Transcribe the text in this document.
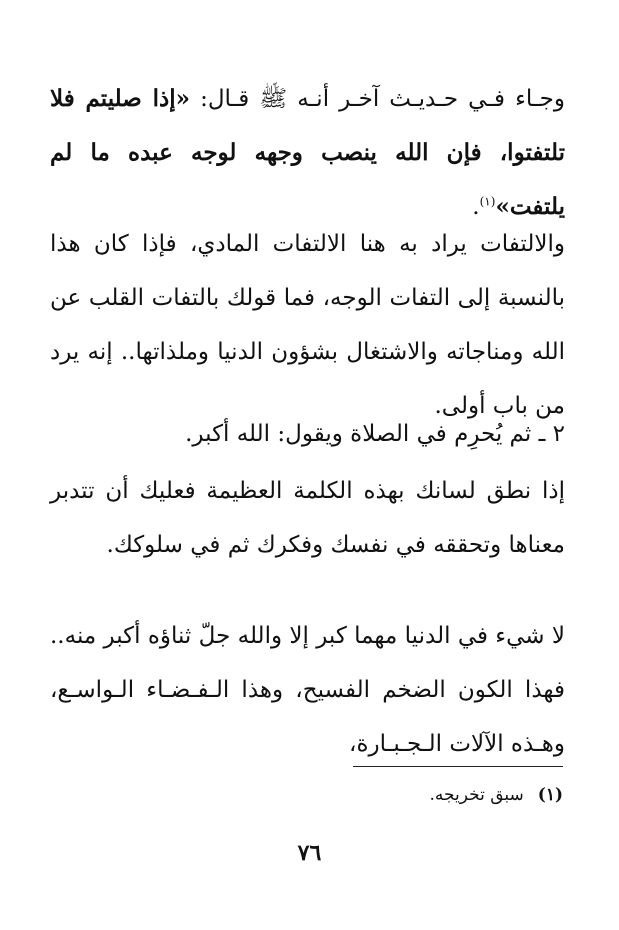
وجـاء فـي حـديـث آخـر أنـه ﷺ قـال: «إذا صليتم فلا تلتفتوا، فإن الله ينصب وجهه لوجه عبده ما لم يلتفت»$^{(١)}$.

والالتفات يراد به هنا الالتفات المادي، فإذا كان هذا بالنسبة إلى التفات الوجه، فما قولك بالتفات القلب عن الله ومناجاته والاشتغال بشؤون الدنيا وملذاتها.. إنه يرد من باب أولى.

٢ ـ ثم يُحرِم في الصلاة ويقول: الله أكبر.

إذا نطق لسانك بهذه الكلمة العظيمة فعليك أن تتدبر معناها وتحققه في نفسك وفكرك ثم في سلوكك.

لا شيء في الدنيا مهما كبر إلا والله جلّ ثناؤه أكبر منه.. فهذا الكون الضخم الفسيح، وهذا الـفـضـاء الـواسـع، وهـذه الآلات الـجـبـارة،

(١)سبق تخريجه.
٧٦
